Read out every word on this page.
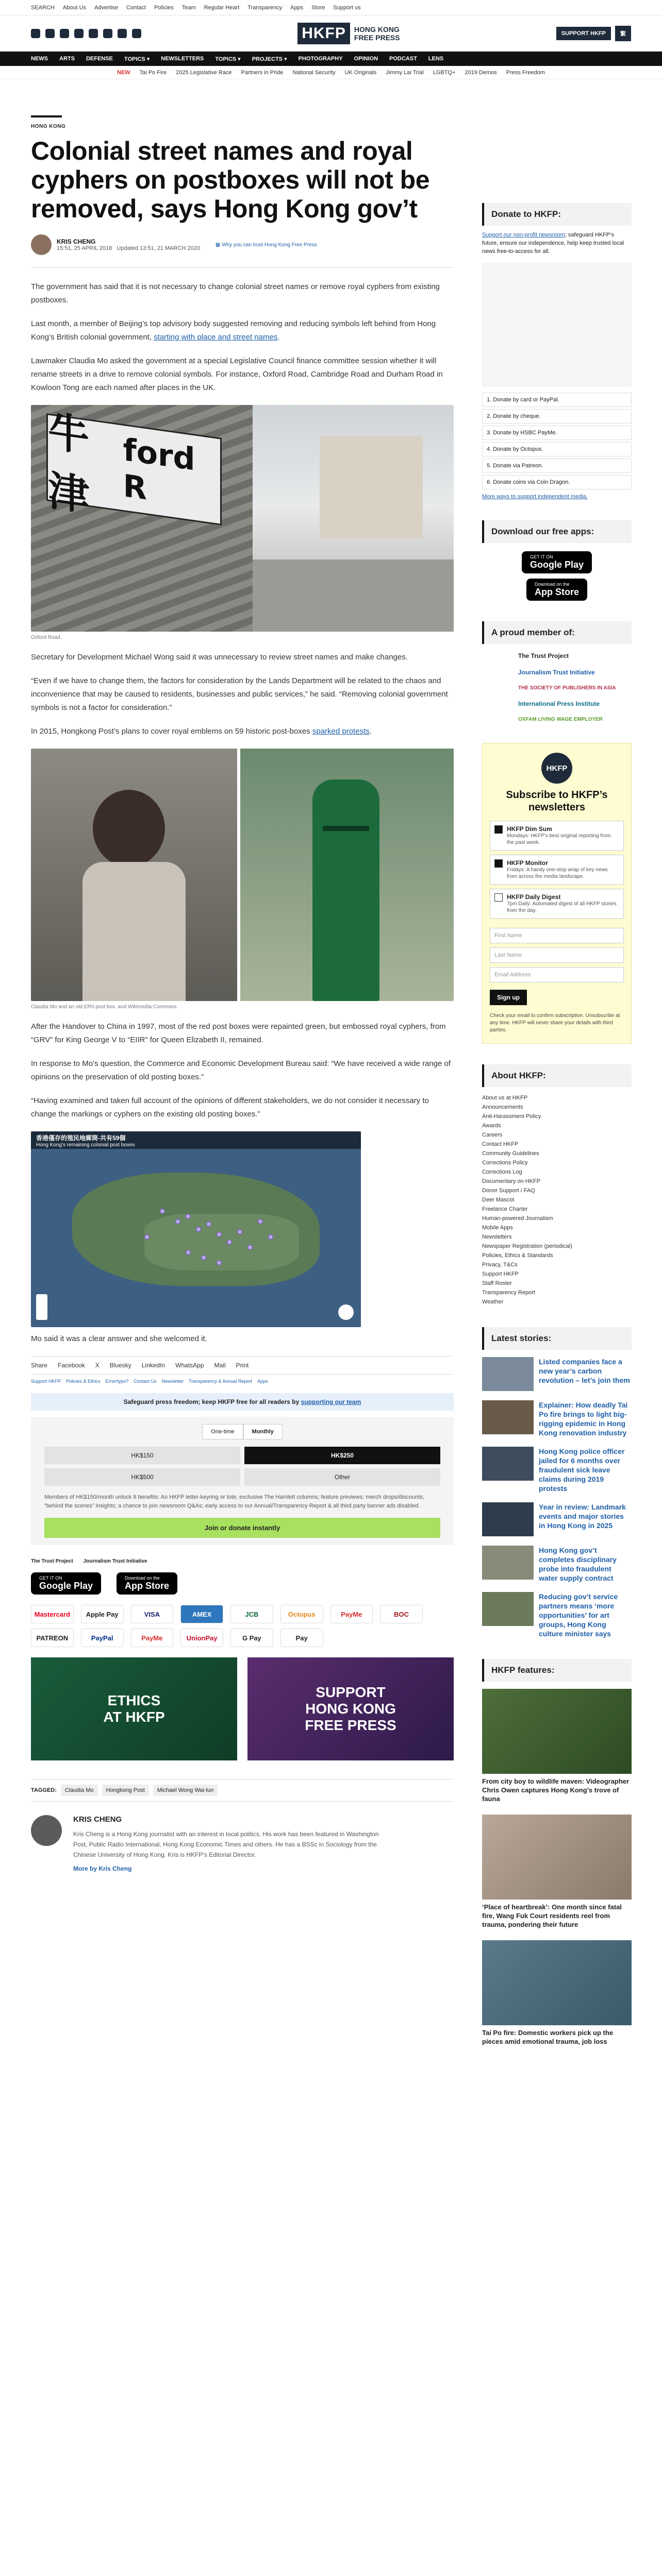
SEARCH About Us Advertise Contact Policies Team Regular Heart Transparency Apps Store Support us
HKFP	HONG KONG
FREE PRESS	SUPPORT HKFP	繁
NEWS ARTS DEFENSE TOPICS ▾ NEWSLETTERS TOPICS ▾ PROJECTS ▾ PHOTOGRAPHY OPINION PODCAST LENS
NEW Tai Po Fire 2025 Legislative Race Partners in Pride National Security UK Originals Jimmy Lai Trial LGBTQ+ 2019 Demos Press Freedom
HONG KONG
Colonial street names and royal cyphers on postboxes will not be removed, says Hong Kong gov’t
KRIS CHENG
15:51, 25 APRIL 2018 Updated 13:51, 21 MARCH 2020
▦ Why you can trust Hong Kong Free Press

The government has said that it is not necessary to change colonial street names or remove royal cyphers from existing postboxes.

Last month, a member of Beijing’s top advisory body suggested removing and reducing symbols left behind from Hong Kong’s British colonial government, starting with place and street names.

Lawmaker Claudia Mo asked the government at a special Legislative Council finance committee session whether it will rename streets in a drive to remove colonial symbols. For instance, Oxford Road, Cambridge Road and Durham Road in Kowloon Tong are each named after places in the UK.

牛津
ford R
Oxford Road.

Secretary for Development Michael Wong said it was unnecessary to review street names and make changes.

“Even if we have to change them, the factors for consideration by the Lands Department will be related to the chaos and inconvenience that may be caused to residents, businesses and public services,” he said. “Removing colonial government symbols is not a factor for consideration.”

In 2015, Hongkong Post’s plans to cover royal emblems on 59 historic post-boxes sparked protests.

Claudia Mo and an old ERII post box. and Wikimedia Commons.

After the Handover to China in 1997, most of the red post boxes were repainted green, but embossed royal cyphers, from “GRV” for King George V to “EIIR” for Queen Elizabeth II, remained.

In response to Mo’s question, the Commerce and Economic Development Bureau said: “We have received a wide range of opinions on the preservation of old posting boxes.”

“Having examined and taken full account of the opinions of different stakeholders, we do not consider it necessary to change the markings or cyphers on the existing old posting boxes.”

香港僅存的殖民地郵筒-共有59個
Hong Kong's remaining colonial post boxes

Mo said it was a clear answer and she welcomed it.

Share Facebook X Bluesky LinkedIn WhatsApp Mail Print
Support HKFP Policies & Ethics Error/typo? Contact Us Newsletter Transparency & Annual Report Apps
Safeguard press freedom; keep HKFP free for all readers by supporting our team
One-time	Monthly
HK$150	HK$250
HK$500	Other
Members of HK$150/month unlock 8 benefits: An HKFP letter-keyring or tote; exclusive The Hamlett columns; feature previews; merch drops/discounts; “behind the scenes” insights; a chance to join newsroom Q&As; early access to our Annual/Transparency Report & all third party banner ads disabled.
Join or donate instantly
The Trust Project Journalism Trust Initiative
GET IT ON
Google Play
Download on the
App Store
Mastercard	Apple Pay	VISA	AMEX	JCB	Octopus	PayMe	BOC
PATREON	PayPal	PayMe	UnionPay	G Pay	Pay
ETHICS
AT HKFP
SUPPORT
HONG KONG
FREE PRESS
TAGGED:	Claudia Mo	Hongkong Post	Michael Wong Wai-lun
KRIS CHENG
Kris Cheng is a Hong Kong journalist with an interest in local politics. His work has been featured in Washington Post, Public Radio International, Hong Kong Economic Times and others. He has a BSSc in Sociology from the Chinese University of Hong Kong. Kris is HKFP’s Editorial Director.
More by Kris Cheng
Donate to HKFP:

Support our non-profit newsroom; safeguard HKFP’s future, ensure our independence, help keep trusted local news free-to-access for all.

1. Donate by card or PayPal.
2. Donate by cheque.
3. Donate by HSBC PayMe.
4. Donate by Octopus.
5. Donate via Patreon.
6. Donate coins via Coin Dragon.
More ways to support independent media.
Download our free apps:
GET IT ON
Google Play
Download on the
App Store
A proud member of:
The Trust Project
Journalism Trust Initiative
THE SOCIETY OF PUBLISHERS IN ASIA
International Press Institute
OXFAM LIVING WAGE EMPLOYER
HKFP
Subscribe to HKFP’s newsletters
HKFP Dim Sum
Mondays: HKFP's best original reporting from the past week.
HKFP Monitor
Fridays: A handy one-stop wrap of key news from across the media landscape.
HKFP Daily Digest
7pm Daily: Automated digest of all HKFP stories from the day.
First Name
Last Name
Email Address
Sign up
Check your email to confirm subscription. Unsubscribe at any time. HKFP will never share your details with third parties.
About HKFP:
About us at HKFP
Announcements
Anti-Harassment Policy
Awards
Careers
Contact HKFP
Community Guidelines
Corrections Policy
Corrections Log
Documentary on HKFP
Donor Support / FAQ
Deer Mascot
Freelance Charter
Human-powered Journalism
Mobile Apps
Newsletters
Newspaper Registration (periodical)
Policies, Ethics & Standards
Privacy, T&Cs
Support HKFP
Staff Roster
Transparency Report
Weather
Latest stories:
Listed companies face a new year’s carbon revolution – let’s join them
Explainer: How deadly Tai Po fire brings to light big-rigging epidemic in Hong Kong renovation industry
Hong Kong police officer jailed for 6 months over fraudulent sick leave claims during 2019 protests
Year in review: Landmark events and major stories in Hong Kong in 2025
Hong Kong gov’t completes disciplinary probe into fraudulent water supply contract
Reducing gov’t service partners means ‘more opportunities’ for art groups, Hong Kong culture minister says
HKFP features:
From city boy to wildlife maven: Videographer Chris Owen captures Hong Kong’s trove of fauna
‘Place of heartbreak’: One month since fatal fire, Wang Fuk Court residents reel from trauma, pondering their future
Tai Po fire: Domestic workers pick up the pieces amid emotional trauma, job loss
